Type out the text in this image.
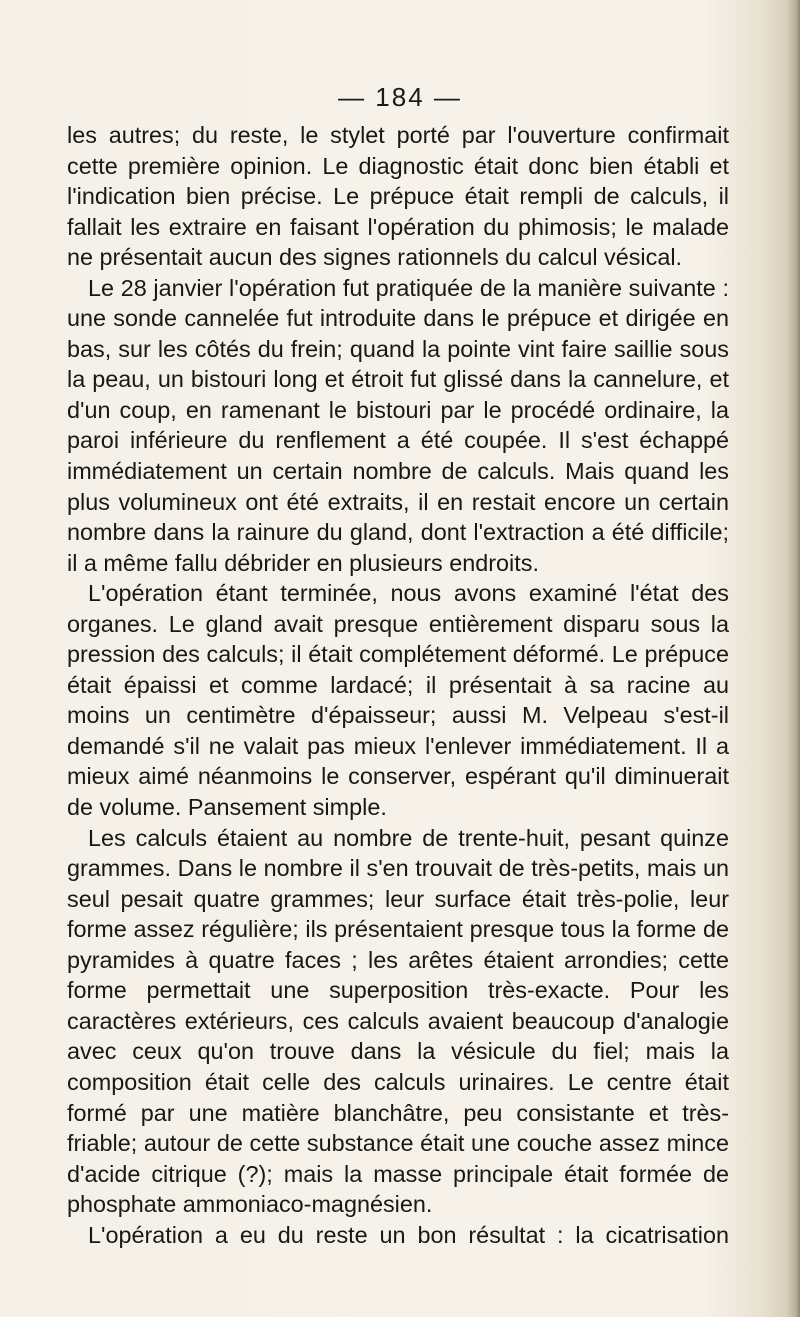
— 184 —

les autres; du reste, le stylet porté par l'ouverture confirmait cette première opinion. Le diagnostic était donc bien établi et l'indication bien précise. Le prépuce était rempli de calculs, il fallait les extraire en faisant l'opération du phimosis; le malade ne présentait aucun des signes rationnels du calcul vésical.

Le 28 janvier l'opération fut pratiquée de la manière suivante : une sonde cannelée fut introduite dans le prépuce et dirigée en bas, sur les côtés du frein; quand la pointe vint faire saillie sous la peau, un bistouri long et étroit fut glissé dans la cannelure, et d'un coup, en ramenant le bistouri par le procédé ordinaire, la paroi inférieure du renflement a été coupée. Il s'est échappé immédiatement un certain nombre de calculs. Mais quand les plus volumineux ont été extraits, il en restait encore un certain nombre dans la rainure du gland, dont l'extraction a été difficile; il a même fallu débrider en plusieurs endroits.

L'opération étant terminée, nous avons examiné l'état des organes. Le gland avait presque entièrement disparu sous la pression des calculs; il était complétement déformé. Le prépuce était épaissi et comme lardacé; il présentait à sa racine au moins un centimètre d'épaisseur; aussi M. Velpeau s'est-il demandé s'il ne valait pas mieux l'enlever immédiatement. Il a mieux aimé néanmoins le conserver, espérant qu'il diminuerait de volume. Pansement simple.

Les calculs étaient au nombre de trente-huit, pesant quinze grammes. Dans le nombre il s'en trouvait de très-petits, mais un seul pesait quatre grammes; leur surface était très-polie, leur forme assez régulière; ils présentaient presque tous la forme de pyramides à quatre faces ; les arêtes étaient arrondies; cette forme permettait une superposition très-exacte. Pour les caractères extérieurs, ces calculs avaient beaucoup d'analogie avec ceux qu'on trouve dans la vésicule du fiel; mais la composition était celle des calculs urinaires. Le centre était formé par une matière blanchâtre, peu consistante et très-friable; autour de cette substance était une couche assez mince d'acide citrique (?); mais la masse principale était formée de phosphate ammoniaco-magnésien.

L'opération a eu du reste un bon résultat : la cicatrisation
